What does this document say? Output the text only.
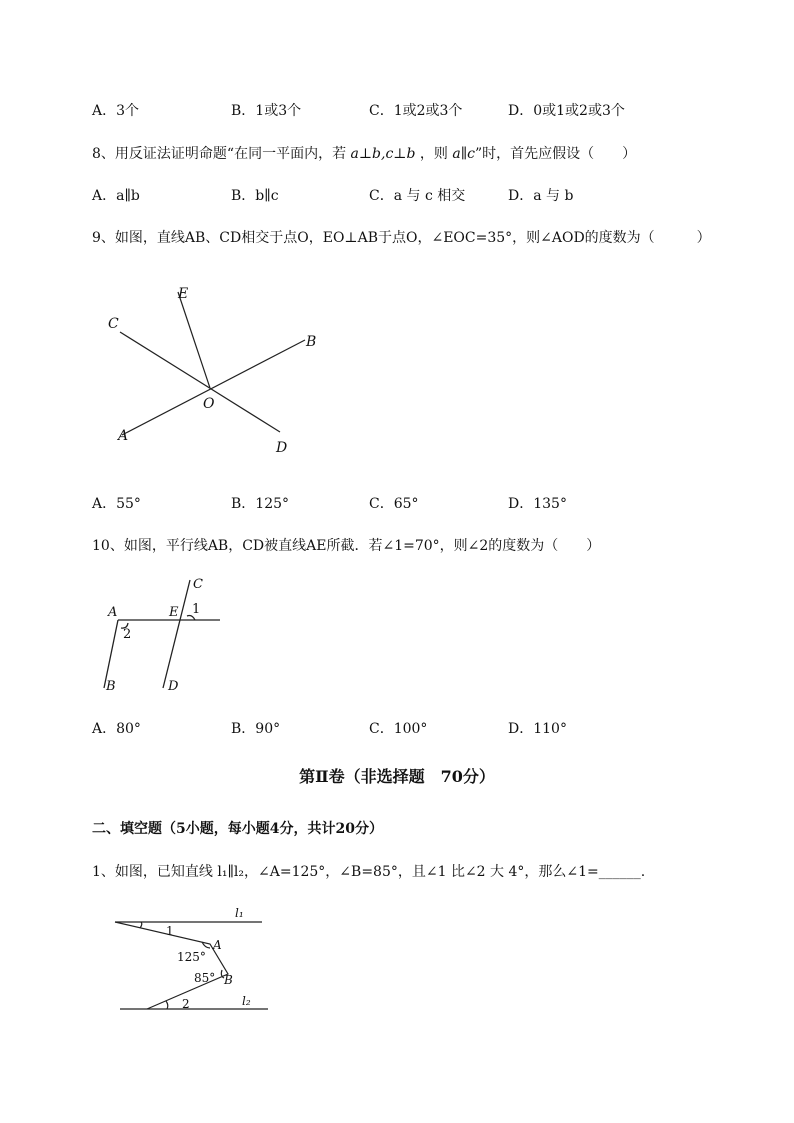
A．3个	B．1或3个	C．1或2或3个	D．0或1或2或3个
8、用反证法证明命题“在同一平面内，若 a⊥b,c⊥b ，则 a∥c”时，首先应假设（　　）
A．a∥b	B．b∥c	C．a 与 c 相交	D．a 与 b
9、如图，直线AB、CD相交于点O，EO⊥AB于点O，∠EOC=35°，则∠AOD的度数为（　　　）
E
C
B
O
A
D
A．55°	B．125°	C．65°	D．135°
10、如图，平行线AB，CD被直线AE所截．若∠1=70°，则∠2的度数为（　　）
A	E
C
1
2
B	D
A．80°	B．90°	C．100°	D．110°
第Ⅱ卷（非选择题　70分）
二、填空题（5小题，每小题4分，共计20分）
1、如图，已知直线 l₁∥l₂，∠A=125°，∠B=85°，且∠1 比∠2 大 4°，那么∠1=______.
l₁
1
A
125°
85° B
2	l₂
